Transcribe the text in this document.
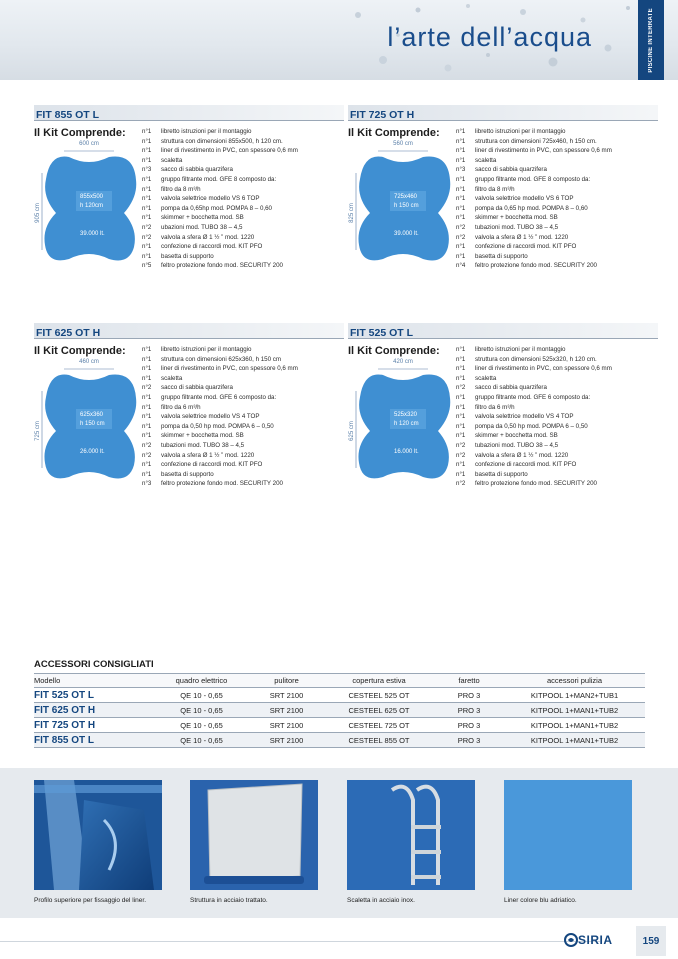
l’arte dell’acqua	PISCINE INTERRATE
FIT 855 OT L
Il Kit Comprende:
600 cm
905 cm
855x500
h 120cm
39.000 lt.
n°1	libretto istruzioni per il montaggio
n°1	struttura con dimensioni 855x500, h 120 cm.
n°1	liner di rivestimento in PVC, con spessore 0,6 mm
n°1	scaletta
n°3	sacco di sabbia quarzifera
n°1	gruppo filtrante mod. GFE 8 composto da:
n°1	filtro da 8 m³/h
n°1	valvola selettrice modello VS 6 TOP
n°1	pompa da 0,65hp mod. POMPA 8 – 0,60
n°1	skimmer + bocchetta mod. SB
n°2	ubazioni mod. TUBO 38 – 4,5
n°2	valvola a sfera Ø 1 ½ ” mod. 1220
n°1	confezione di raccordi mod. KIT PFO
n°1	basetta di supporto
n°5	feltro protezione fondo mod. SECURITY 200
FIT 725 OT H
Il Kit Comprende:
560 cm
825 cm
725x460
h 150 cm
39.000 lt.
n°1	libretto istruzioni per il montaggio
n°1	struttura con dimensioni 725x460, h 150 cm.
n°1	liner di rivestimento in PVC, con spessore 0,6 mm
n°1	scaletta
n°3	sacco di sabbia quarzifera
n°1	gruppo filtrante mod. GFE 8 composto da:
n°1	filtro da 8 m³/h
n°1	valvola selettrice modello VS 6 TOP
n°1	pompa da 0,65 hp mod. POMPA 8 – 0,60
n°1	skimmer + bocchetta mod. SB
n°2	tubazioni mod. TUBO 38 – 4,5
n°2	valvola a sfera Ø 1 ½ ” mod. 1220
n°1	confezione di raccordi mod. KIT PFO
n°1	basetta di supporto
n°4	feltro protezione fondo mod. SECURITY 200
FIT 625 OT H
Il Kit Comprende:
460 cm
725 cm
625x360
h 150 cm
26.000 lt.
n°1	libretto istruzioni per il montaggio
n°1	struttura con dimensioni 625x360, h 150 cm
n°1	liner di rivestimento in PVC, con spessore 0,6 mm
n°1	scaletta
n°2	sacco di sabbia quarzifera
n°1	gruppo filtrante mod. GFE 6 composto da:
n°1	filtro da 6 m³/h
n°1	valvola selettrice modello VS 4 TOP
n°1	pompa da 0,50 hp mod. POMPA 6 – 0,50
n°1	skimmer + bocchetta mod. SB
n°2	tubazioni mod. TUBO 38 – 4,5
n°2	valvola a sfera Ø 1 ½ ” mod. 1220
n°1	confezione di raccordi mod. KIT PFO
n°1	basetta di supporto
n°3	feltro protezione fondo mod. SECURITY 200
FIT 525 OT L
Il Kit Comprende:
420 cm
625 cm
525x320
h 120 cm
16.000 lt.
n°1	libretto istruzioni per il montaggio
n°1	struttura con dimensioni 525x320, h 120 cm.
n°1	liner di rivestimento in PVC, con spessore 0,6 mm
n°1	scaletta
n°2	sacco di sabbia quarzifera
n°1	gruppo filtrante mod. GFE 6 composto da:
n°1	filtro da 6 m³/h
n°1	valvola selettrice modello VS 4 TOP
n°1	pompa da 0,50 hp mod. POMPA 6 – 0,50
n°1	skimmer + bocchetta mod. SB
n°2	tubazioni mod. TUBO 38 – 4,5
n°2	valvola a sfera Ø 1 ½ ” mod. 1220
n°1	confezione di raccordi mod. KIT PFO
n°1	basetta di supporto
n°2	feltro protezione fondo mod. SECURITY 200
ACCESSORI CONSIGLIATI
Modello	quadro elettrico	pulitore	copertura estiva	faretto	accessori pulizia
FIT 525 OT L	QE 10 - 0,65	SRT 2100	CESTEEL 525 OT	PRO 3	KITPOOL 1+MAN2+TUB1
FIT 625 OT H	QE 10 - 0,65	SRT 2100	CESTEEL 625 OT	PRO 3	KITPOOL 1+MAN1+TUB2
FIT 725 OT H	QE 10 - 0,65	SRT 2100	CESTEEL 725 OT	PRO 3	KITPOOL 1+MAN1+TUB2
FIT 855 OT L	QE 10 - 0,65	SRT 2100	CESTEEL 855 OT	PRO 3	KITPOOL 1+MAN1+TUB2
Profilo superiore per fissaggio del liner.	Struttura in acciaio trattato.	Scaletta in acciaio inox.	Liner colore blu adriatico.
SIRIA	159
